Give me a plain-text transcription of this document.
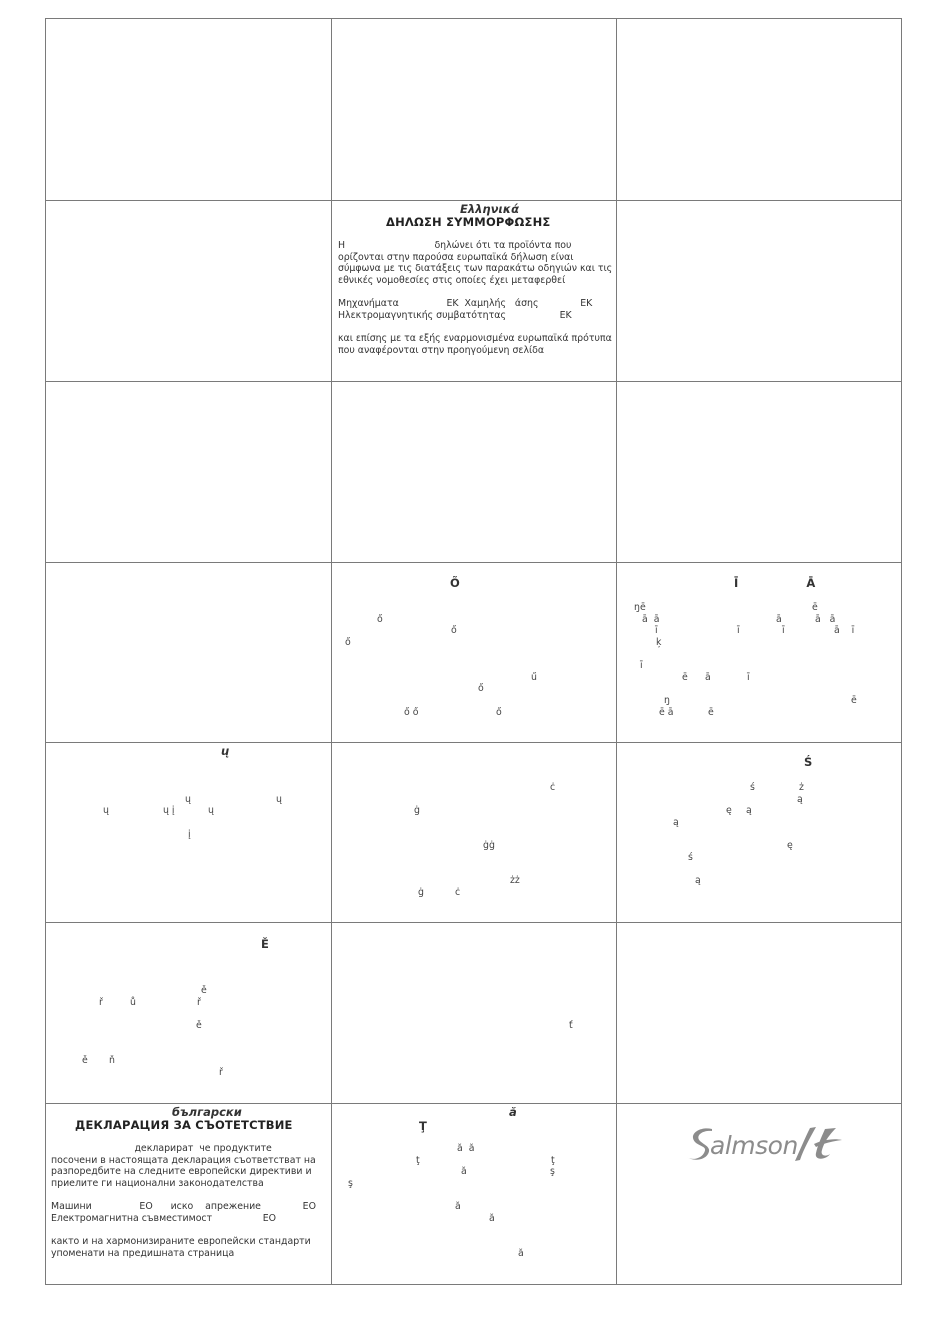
Ελληνικά
ΔΗΛΩΣΗ ΣΥΜΜΟΡΦΩΣΗΣ
Η                              δηλώνει ότι τα προϊόντα που
ορίζονται στην παρούσα ευρωπαϊκά δήλωση είναι
σύμφωνα με τις διατάξεις των παρακάτω οδηγιών και τις
εθνικές νομοθεσίες στις οποίες έχει μεταφερθεί
Μηχανήματα                ΕΚ  Χαμηλής   άσης              ΕΚ
Ηλεκτρομαγνητικής συμβατότητας                  ΕΚ
και επίσης με τα εξής εναρμονισμένα ευρωπαϊκά πρότυπα
που αναφέρονται στην προηγούμενη σελίδα
Õ
ő
ő
ő
ű
ő
ő ő	ő
Ī                 Ā
ŋē	ē
ā  ā	ā	ā   ā
ī	ī	ī	ā    ī
ķ
ī
ē ā	ī
ŋ	ē
ē ā	ē
ų
ų	ų
ų	ų į	ų
į
ċ
ġ
ġġ
żż
ġ	ċ
Ś
ś	ż
ą
ę ą
ą
ę
ś
ą
Ě
ě
ř	ů	ř
ě
ě ň
ř
ť
български
ДЕКЛАРАЦИЯ ЗА СЪОТЕТСТВИЕ
декларират  че продуктите
посочени в настоящата декларация съответстват на
разпоредбите на следните европейски директиви и
приелите ги национални законодателства
Машини                ЕО      иско    апрежение              ЕО
Електромагнитна съвместимост                 ЕО
както и на хармонизираните европейски стандарти
упоменати на предишната страница
ă
Ţ
ă  ă
ţ	ţ
ă	ş
ş
ă
ă
ă
almson
